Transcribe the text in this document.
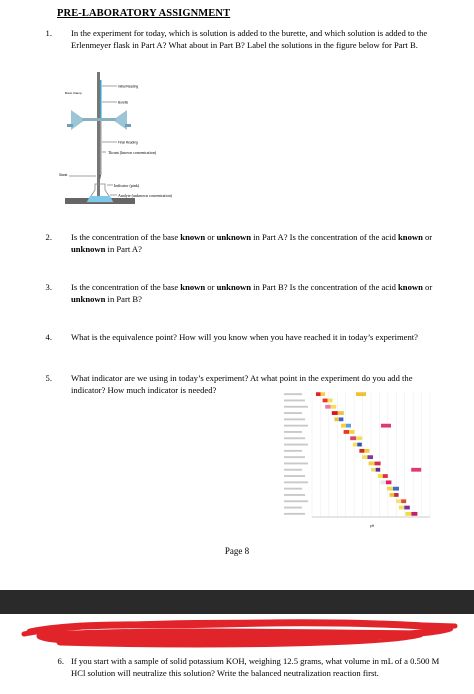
PRE-LABORATORY ASSIGNMENT
1. In the experiment for today, which is solution is added to the burette, and which solution is added to the Erlenmeyer flask in Part A? What about in Part B? Label the solutions in the figure below for Part B.
Initial Reading
Burette
Buret Clamp
Final Reading
Titrant (known concentration)
Stand
Indicator (pink)
Analyte (unknown concentration)
2. Is the concentration of the base known or unknown in Part A? Is the concentration of the acid known or unknown in Part A?
3. Is the concentration of the base known or unknown in Part B? Is the concentration of the acid known or unknown in Part B?
4. What is the equivalence point? How will you know when you have reached it in today’s experiment?
5. What indicator are we using in today’s experiment? At what point in the experiment do you add the indicator? How much indicator is needed?
pH
Page 8
6. If you start with a sample of solid potassium KOH, weighing 12.5 grams, what volume in mL of a 0.500 M HCl solution will neutralize this solution? Write the balanced neutralization reaction first.
